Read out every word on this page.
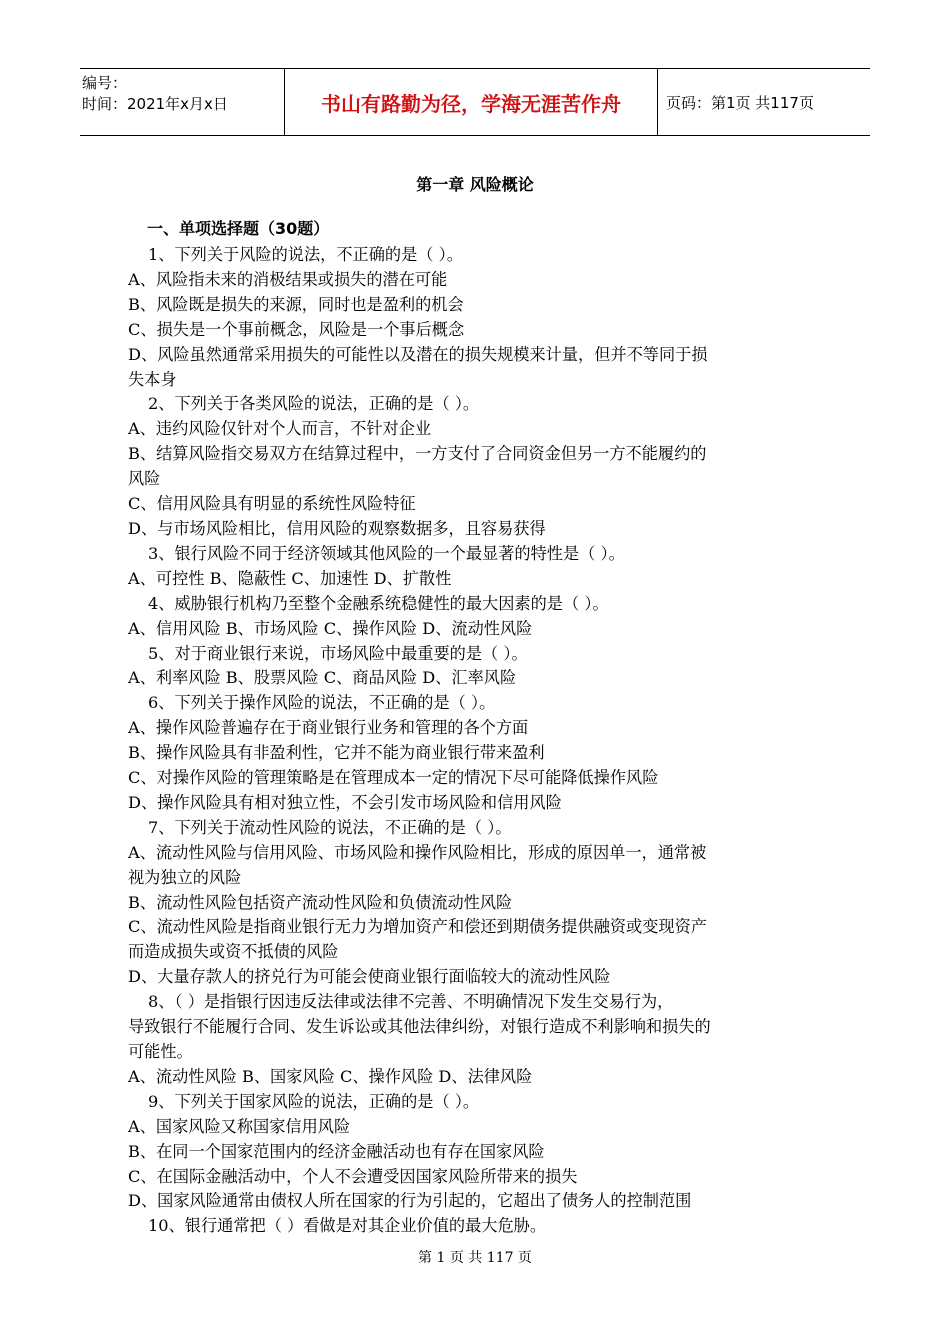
编号：
时间：2021年x月x日	书山有路勤为径，学海无涯苦作舟	页码：第1页 共117页
第一章 风险概论
一、单项选择题（30题）

1、下列关于风险的说法，不正确的是（ ）。

A、风险指未来的消极结果或损失的潜在可能

B、风险既是损失的来源，同时也是盈利的机会

C、损失是一个事前概念，风险是一个事后概念

D、风险虽然通常采用损失的可能性以及潜在的损失规模来计量，但并不等同于损

失本身

2、下列关于各类风险的说法，正确的是（ ）。

A、违约风险仅针对个人而言，不针对企业

B、结算风险指交易双方在结算过程中，一方支付了合同资金但另一方不能履约的

风险

C、信用风险具有明显的系统性风险特征

D、与市场风险相比，信用风险的观察数据多，且容易获得

3、银行风险不同于经济领域其他风险的一个最显著的特性是（ ）。

A、可控性 B、隐蔽性 C、加速性 D、扩散性

4、威胁银行机构乃至整个金融系统稳健性的最大因素的是（ ）。

A、信用风险 B、市场风险 C、操作风险 D、流动性风险

5、对于商业银行来说，市场风险中最重要的是（ ）。

A、利率风险 B、股票风险 C、商品风险 D、汇率风险

6、下列关于操作风险的说法，不正确的是（ ）。

A、操作风险普遍存在于商业银行业务和管理的各个方面

B、操作风险具有非盈利性，它并不能为商业银行带来盈利

C、对操作风险的管理策略是在管理成本一定的情况下尽可能降低操作风险

D、操作风险具有相对独立性，不会引发市场风险和信用风险

7、下列关于流动性风险的说法，不正确的是（ ）。

A、流动性风险与信用风险、市场风险和操作风险相比，形成的原因单一，通常被

视为独立的风险

B、流动性风险包括资产流动性风险和负债流动性风险

C、流动性风险是指商业银行无力为增加资产和偿还到期债务提供融资或变现资产

而造成损失或资不抵债的风险

D、大量存款人的挤兑行为可能会使商业银行面临较大的流动性风险

8、（ ）是指银行因违反法律或法律不完善、不明确情况下发生交易行为，

导致银行不能履行合同、发生诉讼或其他法律纠纷，对银行造成不利影响和损失的

可能性。

A、流动性风险 B、国家风险 C、操作风险 D、法律风险

9、下列关于国家风险的说法，正确的是（ ）。

A、国家风险又称国家信用风险

B、在同一个国家范围内的经济金融活动也有存在国家风险

C、在国际金融活动中，个人不会遭受因国家风险所带来的损失

D、国家风险通常由债权人所在国家的行为引起的，它超出了债务人的控制范围

10、银行通常把（ ）看做是对其企业价值的最大危胁。

第 1 页 共 117 页
